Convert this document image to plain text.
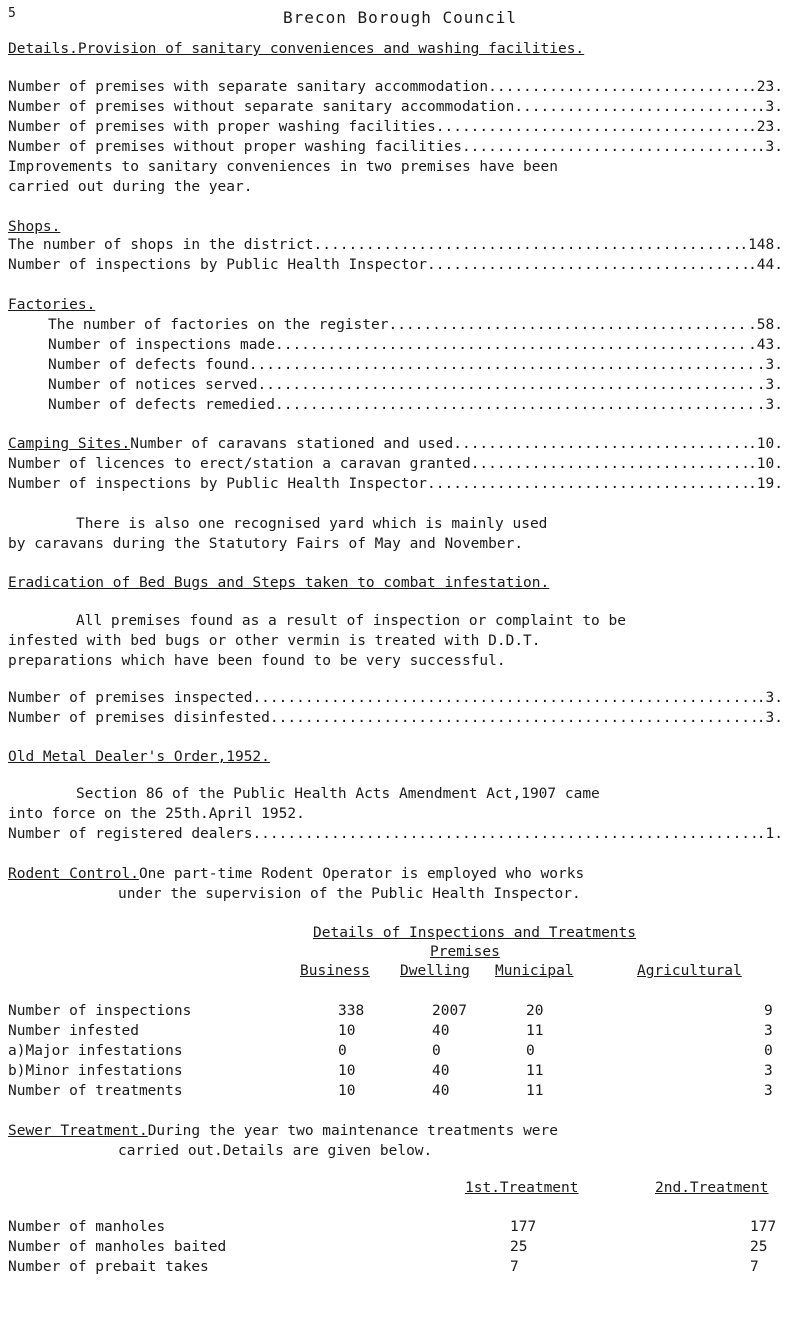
5	Brecon Borough Council
Details.Provision of sanitary conveniences and washing facilities.
Number of premises with separate sanitary accommodation .....	.23.
Number of premises without separate sanitary accommodation .....	.3.
Number of premises with proper washing facilities .....	.23.
Number of premises without proper washing facilities .....	.3.
Improvements to sanitary conveniences in two premises have been
carried out during the year.
Shops.
The number of shops in the district .....	.148.
Number of inspections by Public Health Inspector .....	.44.
Factories.
The number of factories on the register .....	.58.
Number of inspections made .....	.43.
Number of defects found .....	.3.
Number of notices served .....	.3.
Number of defects remedied .....	.3.
Camping Sites. Number of caravans stationed and used .....	.10.
Number of licences to erect/station a caravan granted .....	.10.
Number of inspections by Public Health Inspector .....	.19.
There is also one recognised yard which is mainly used
by caravans during the Statutory Fairs of May and November.
Eradication of Bed Bugs and Steps taken to combat infestation.
All premises found as a result of inspection or complaint to be
infested with bed bugs or other vermin is treated with D.D.T.
preparations which have been found to be very successful.
Number of premises inspected .....	.3.
Number of premises disinfested .....	.3.
Old Metal Dealer's Order,1952.
Section 86 of the Public Health Acts Amendment Act,1907 came
into force on the 25th.April 1952.
Number of registered dealers .....	.1.
Rodent Control.One part-time Rodent Operator is employed who works
under the supervision of the Public Health Inspector.
Details of Inspections and Treatments
Premises
Business Dwelling Municipal	Agricultural
Number of inspections	338	2007	20	9
Number infested	10	40	11	3
a)Major infestations	0	0	0	0
b)Minor infestations	10	40	11	3
Number of treatments	10	40	11	3
Sewer Treatment.During the year two maintenance treatments were
carried out.Details are given below.
1st.Treatment	2nd.Treatment
Number of manholes	177	177
Number of manholes baited	25	25
Number of prebait takes	7	7
